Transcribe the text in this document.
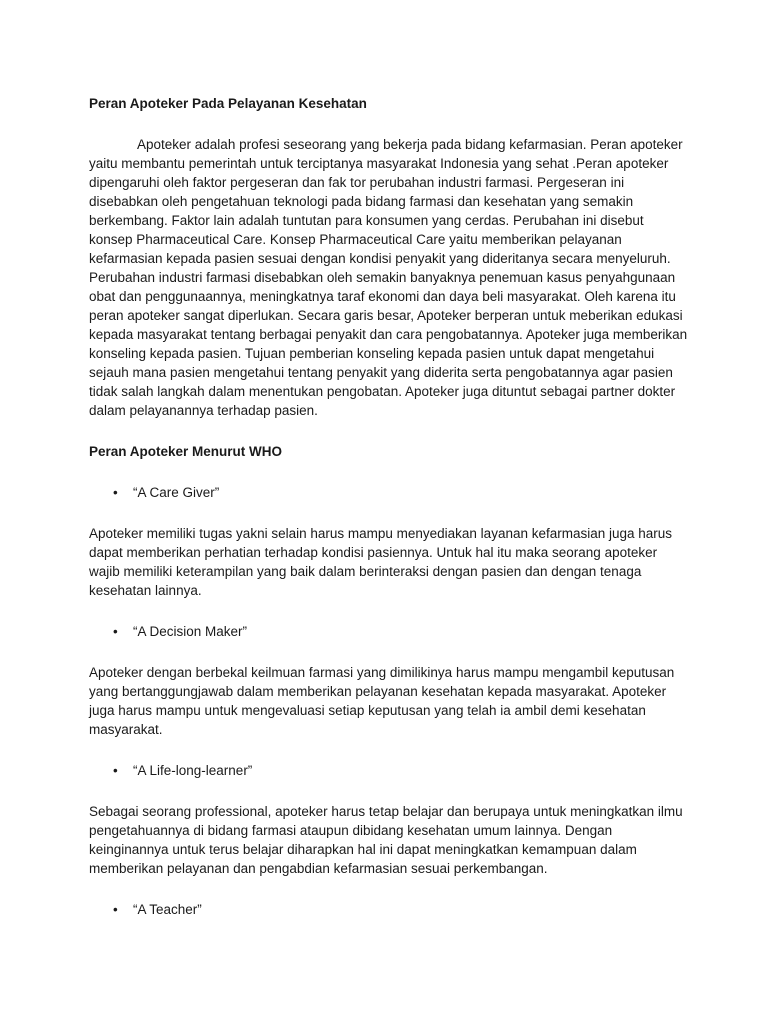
Peran Apoteker Pada Pelayanan Kesehatan

Apoteker adalah profesi seseorang yang bekerja pada bidang kefarmasian. Peran apoteker yaitu membantu pemerintah untuk terciptanya masyarakat Indonesia yang sehat .Peran apoteker dipengaruhi oleh faktor pergeseran dan fak tor perubahan industri farmasi. Pergeseran ini disebabkan oleh pengetahuan teknologi pada bidang farmasi dan kesehatan yang semakin berkembang. Faktor lain adalah tuntutan para konsumen yang cerdas. Perubahan ini disebut konsep Pharmaceutical Care. Konsep Pharmaceutical Care yaitu memberikan pelayanan kefarmasian kepada pasien sesuai dengan kondisi penyakit yang dideritanya secara menyeluruh. Perubahan industri farmasi disebabkan oleh semakin banyaknya penemuan kasus penyahgunaan obat dan penggunaannya, meningkatnya taraf ekonomi dan daya beli masyarakat. Oleh karena itu peran apoteker sangat diperlukan. Secara garis besar, Apoteker berperan untuk meberikan edukasi kepada masyarakat tentang berbagai penyakit dan cara pengobatannya. Apoteker juga memberikan konseling kepada pasien. Tujuan pemberian konseling kepada pasien untuk dapat mengetahui sejauh mana pasien mengetahui tentang penyakit yang diderita serta pengobatannya agar pasien tidak salah langkah dalam menentukan pengobatan. Apoteker juga dituntut sebagai partner dokter dalam pelayanannya terhadap pasien.

Peran Apoteker Menurut WHO
• “A Care Giver”

Apoteker memiliki tugas yakni selain harus mampu menyediakan layanan kefarmasian juga harus dapat memberikan perhatian terhadap kondisi pasiennya. Untuk hal itu maka seorang apoteker wajib memiliki keterampilan yang baik dalam berinteraksi dengan pasien dan dengan tenaga kesehatan lainnya.

• “A Decision Maker”

Apoteker dengan berbekal keilmuan farmasi yang dimilikinya harus mampu mengambil keputusan yang bertanggungjawab dalam memberikan pelayanan kesehatan kepada masyarakat. Apoteker juga harus mampu untuk mengevaluasi setiap keputusan yang telah ia ambil demi kesehatan masyarakat.

• “A Life-long-learner”

Sebagai seorang professional, apoteker harus tetap belajar dan berupaya untuk meningkatkan ilmu pengetahuannya di bidang farmasi ataupun dibidang kesehatan umum lainnya. Dengan keinginannya untuk terus belajar diharapkan hal ini dapat meningkatkan kemampuan dalam memberikan pelayanan dan pengabdian kefarmasian sesuai perkembangan.

• “A Teacher”
